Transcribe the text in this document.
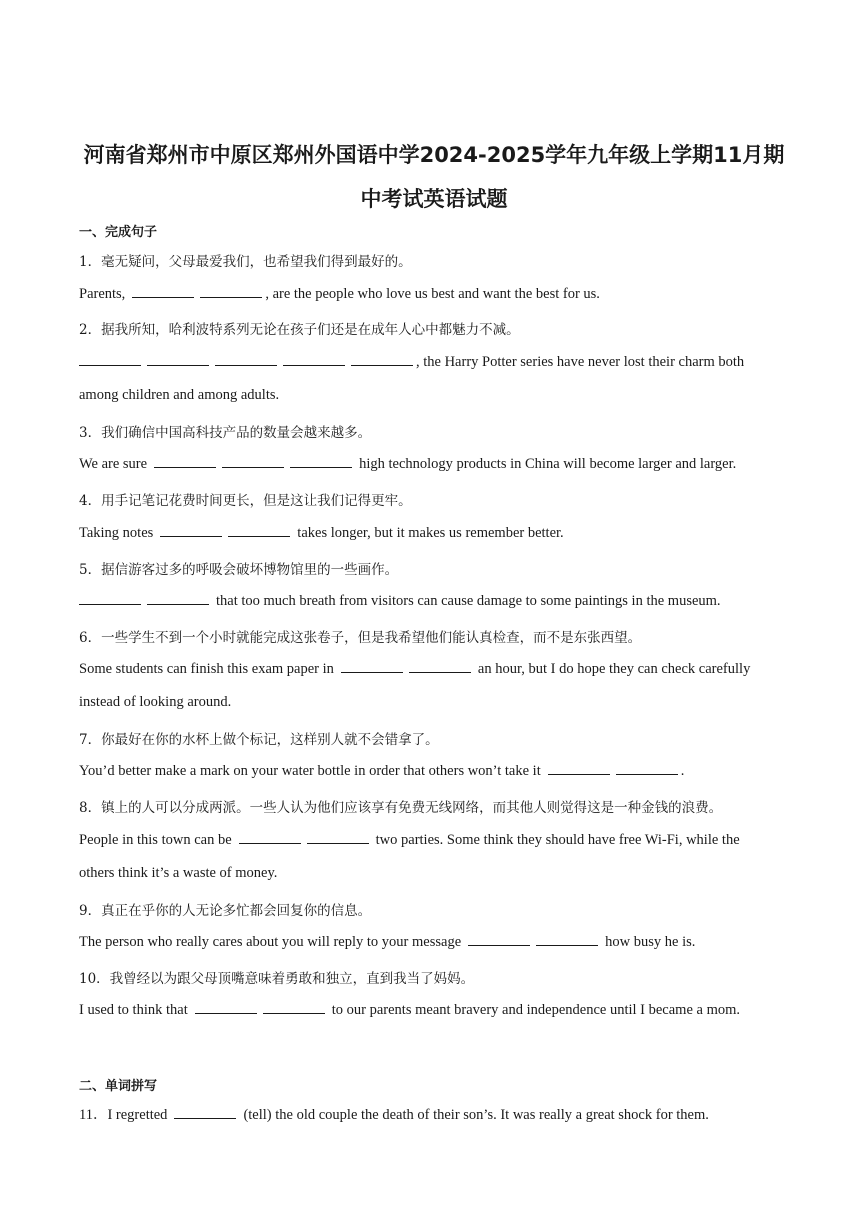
河南省郑州市中原区郑州外国语中学2024-2025学年九年级上学期11月期
中考试英语试题
一、完成句子
1．毫无疑问，父母最爱我们，也希望我们得到最好的。
Parents,	, are the people who love us best and want the best for us.
2．据我所知，哈利波特系列无论在孩子们还是在成年人心中都魅力不减。
, the Harry Potter series have never lost their charm both
among children and among adults.
3．我们确信中国高科技产品的数量会越来越多。
We are sure	high technology products in China will become larger and larger.
4．用手记笔记花费时间更长，但是这让我们记得更牢。
Taking notes	takes longer, but it makes us remember better.
5．据信游客过多的呼吸会破坏博物馆里的一些画作。
that too much breath from visitors can cause damage to some paintings in the museum.
6．一些学生不到一个小时就能完成这张卷子，但是我希望他们能认真检查，而不是东张西望。
Some students can finish this exam paper in	an hour, but I do hope they can check carefully
instead of looking around.
7．你最好在你的水杯上做个标记，这样别人就不会错拿了。
You’d better make a mark on your water bottle in order that others won’t take it	.
8．镇上的人可以分成两派。一些人认为他们应该享有免费无线网络，而其他人则觉得这是一种金钱的浪费。
People in this town can be	two parties. Some think they should have free Wi-Fi, while the
others think it’s a waste of money.
9．真正在乎你的人无论多忙都会回复你的信息。
The person who really cares about you will reply to your message	how busy he is.
10．我曾经以为跟父母顶嘴意味着勇敢和独立，直到我当了妈妈。
I used to think that	to our parents meant bravery and independence until I became a mom.
二、单词拼写
11．I regretted	(tell) the old couple the death of their son’s. It was really a great shock for them.
